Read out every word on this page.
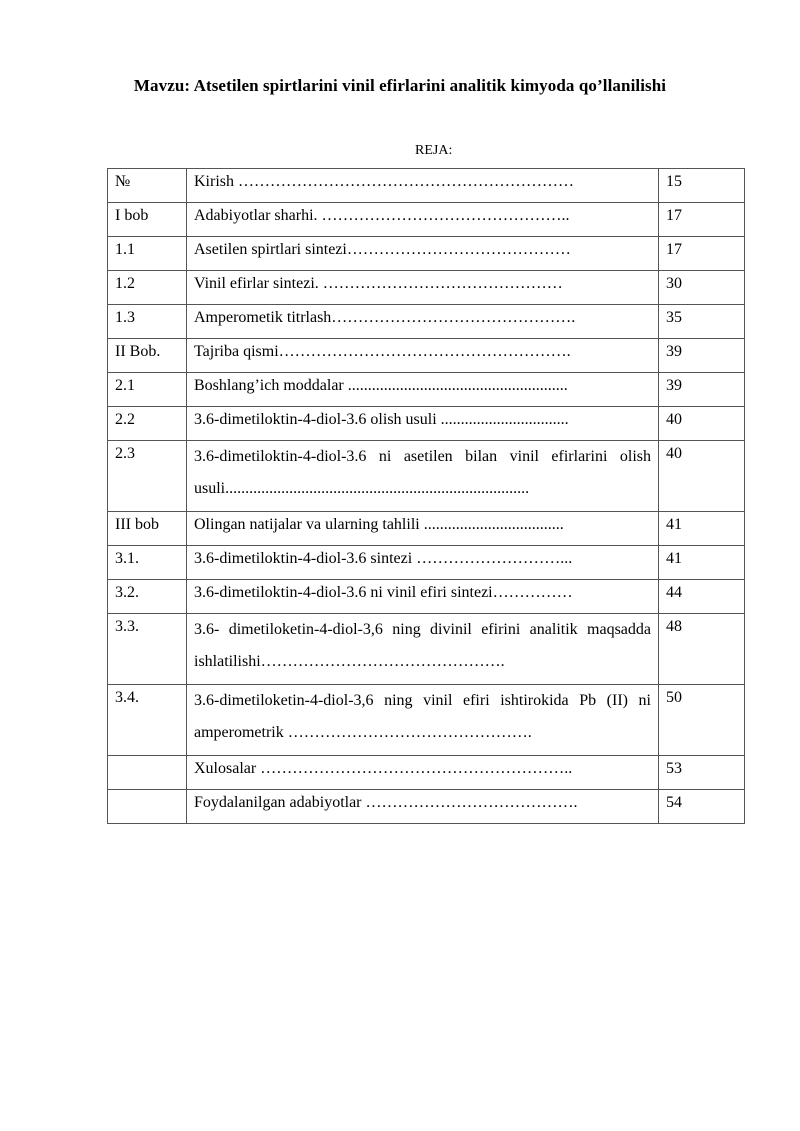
Mavzu: Atsetilen spirtlarini vinil efirlarini analitik kimyoda qo’llanilishi
REJA:
№	Kirish ………………………………………………………	15
I bob	Adabiyotlar sharhi. ………………………………………..	17
1.1	Asetilen spirtlari sintezi……………………………………	17
1.2	Vinil efirlar sintezi. ………………………………………	30
1.3	Amperometik titrlash……………………………………….	35
II Bob.	Tajriba qismi……………………………………………….	39
2.1	Boshlang’ich moddalar .......................................................	39
2.2	3.6-dimetiloktin-4-diol-3.6 olish usuli ................................	40
2.3	3.6-dimetiloktin-4-diol-3.6 ni asetilen bilan vinil efirlarini olish usuli............................................................................	40
III bob	Olingan natijalar va ularning tahlili ...................................	41
3.1.	3.6-dimetiloktin-4-diol-3.6 sintezi ………………………...	41
3.2.	3.6-dimetiloktin-4-diol-3.6 ni vinil efiri sintezi……………	44
3.3.	3.6- dimetiloketin-4-diol-3,6 ning divinil efirini analitik maqsadda ishlatilishi……………………………………….	48
3.4.	3.6-dimetiloketin-4-diol-3,6 ning vinil efiri ishtirokida Pb (II) ni amperometrik ……………………………………….	50
	Xulosalar …………………………………………………..	53
	Foydalanilgan adabiyotlar ………………………………….	54
